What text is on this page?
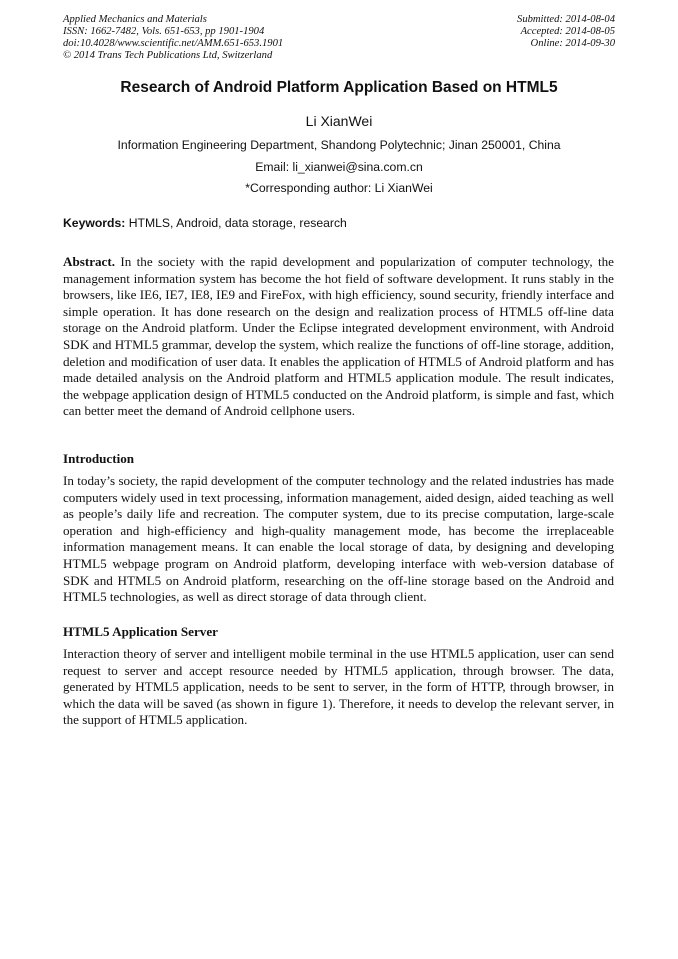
Applied Mechanics and Materials
ISSN: 1662-7482, Vols. 651-653, pp 1901-1904
doi:10.4028/www.scientific.net/AMM.651-653.1901
© 2014 Trans Tech Publications Ltd, Switzerland
Submitted: 2014-08-04
Accepted: 2014-08-05
Online: 2014-09-30
Research of Android Platform Application Based on HTML5
Li XianWei
Information Engineering Department, Shandong Polytechnic; Jinan 250001, China
Email: li_xianwei@sina.com.cn
*Corresponding author: Li XianWei
Keywords: HTMLS, Android, data storage, research
Abstract. In the society with the rapid development and popularization of computer technology, the management information system has become the hot field of software development. It runs stably in the browsers, like IE6, IE7, IE8, IE9 and FireFox, with high efficiency, sound security, friendly interface and simple operation. It has done research on the design and realization process of HTML5 off-line data storage on the Android platform. Under the Eclipse integrated development environment, with Android SDK and HTML5 grammar, develop the system, which realize the functions of off-line storage, addition, deletion and modification of user data. It enables the application of HTML5 of Android platform and has made detailed analysis on the Android platform and HTML5 application module. The result indicates, the webpage application design of HTML5 conducted on the Android platform, is simple and fast, which can better meet the demand of Android cellphone users.
Introduction
In today’s society, the rapid development of the computer technology and the related industries has made computers widely used in text processing, information management, aided design, aided teaching as well as people’s daily life and recreation. The computer system, due to its precise computation, large-scale operation and high-efficiency and high-quality management mode, has become the irreplaceable information management means. It can enable the local storage of data, by designing and developing HTML5 webpage program on Android platform, developing interface with web-version database of SDK and HTML5 on Android platform, researching on the off-line storage based on the Android and HTML5 technologies, as well as direct storage of data through client.
HTML5 Application Server
Interaction theory of server and intelligent mobile terminal in the use HTML5 application, user can send request to server and accept resource needed by HTML5 application, through browser. The data, generated by HTML5 application, needs to be sent to server, in the form of HTTP, through browser, in which the data will be saved (as shown in figure 1). Therefore, it needs to develop the relevant server, in the support of HTML5 application.
